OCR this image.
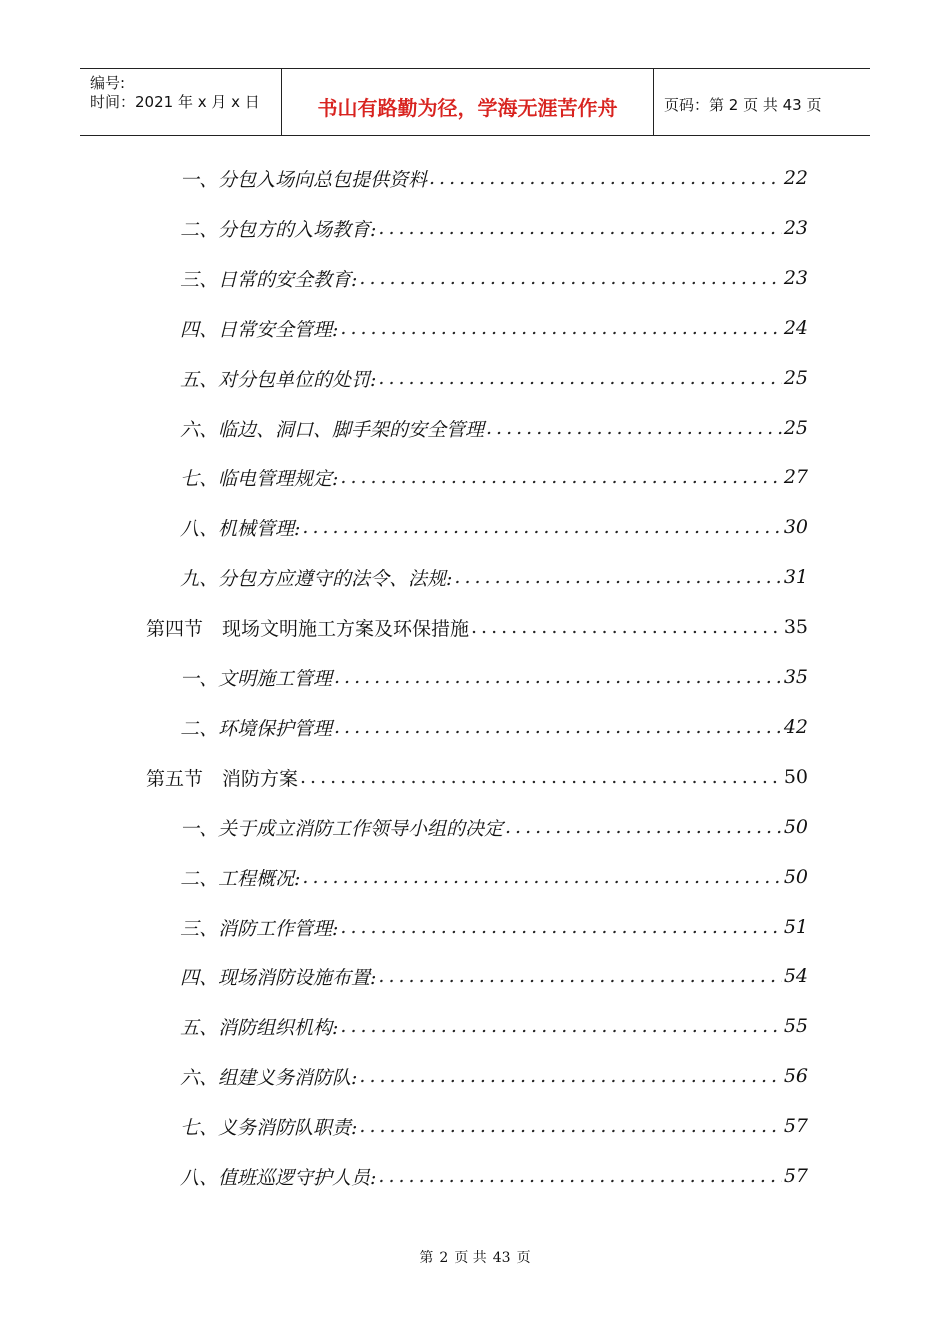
编号:
时间：2021 年 x 月 x 日	书山有路勤为径，学海无涯苦作舟	页码：第 2 页 共 43 页
一、分包入场向总包提供资料 .....	22
二、分包方的入场教育: .....	23
三、日常的安全教育: .....	23
四、日常安全管理: .....	24
五、对分包单位的处罚: .....	25
六、临边、洞口、脚手架的安全管理 .....	25
七、临电管理规定: .....	27
八、机械管理: .....	30
九、分包方应遵守的法令、法规: .....	31
第四节　现场文明施工方案及环保措施 .....	35
一、文明施工管理 .....	35
二、环境保护管理 .....	42
第五节　消防方案 .....	50
一、关于成立消防工作领导小组的决定 .....	50
二、工程概况: .....	50
三、消防工作管理: .....	51
四、现场消防设施布置: .....	54
五、消防组织机构: .....	55
六、组建义务消防队: .....	56
七、义务消防队职责: .....	57
八、值班巡逻守护人员: .....	57
第 2 页 共 43 页
